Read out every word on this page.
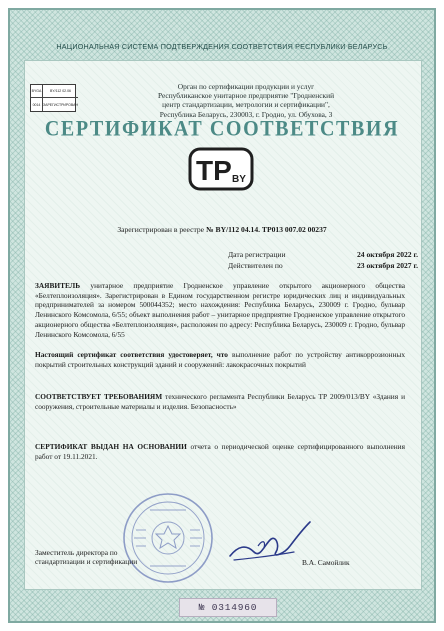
НАЦИОНАЛЬНАЯ СИСТЕМА ПОДТВЕРЖДЕНИЯ СООТВЕТСТВИЯ РЕСПУБЛИКИ БЕЛАРУСЬ
BYGA	BY/112 02.06
0014 ЗАРЕГИСТРИРОВАН
Орган по сертификации продукции и услуг
Республиканское унитарное предприятие "Гродненский
центр стандартизации, метрологии и сертификации",
Республика Беларусь, 230003, г. Гродно, ул. Обухова, 3
СЕРТИФИКАТ СООТВЕТСТВИЯ
TP BY
Зарегистрирован в реестре № BY/112 04.14. ТР013 007.02 00237
Дата регистрации	24 октября 2022 г.
Действителен по	23 октября 2027 г.
ЗАЯВИТЕЛЬ унитарное предприятие Гродненское управление открытого акционерного общества «Белтеплоизоляция». Зарегистрирован в Едином государственном регистре юридических лиц и индивидуальных предпринимателей за номером 500044352; место нахождения: Республика Беларусь, 230009 г. Гродно, бульвар Ленинского Комсомола, 6/55; объект выполнения работ – унитарное предприятие Гродненское управление открытого акционерного общества «Белтеплоизоляция», расположен по адресу: Республика Беларусь, 230009 г. Гродно, бульвар Ленинского Комсомола, 6/55
Настоящий сертификат соответствия удостоверяет, что выполнение работ по устройству антикоррозионных покрытий строительных конструкций зданий и сооружений: лакокрасочных покрытий
СООТВЕТСТВУЕТ ТРЕБОВАНИЯМ технического регламента Республики Беларусь ТР 2009/013/BY «Здания и сооружения, строительные материалы и изделия. Безопасность»
СЕРТИФИКАТ ВЫДАН НА ОСНОВАНИИ отчета о периодической оценке сертифицированного выполнения работ от 19.11.2021.
Заместитель директора по
стандартизации и сертификации	В.А. Самойлик
№ 0314960
